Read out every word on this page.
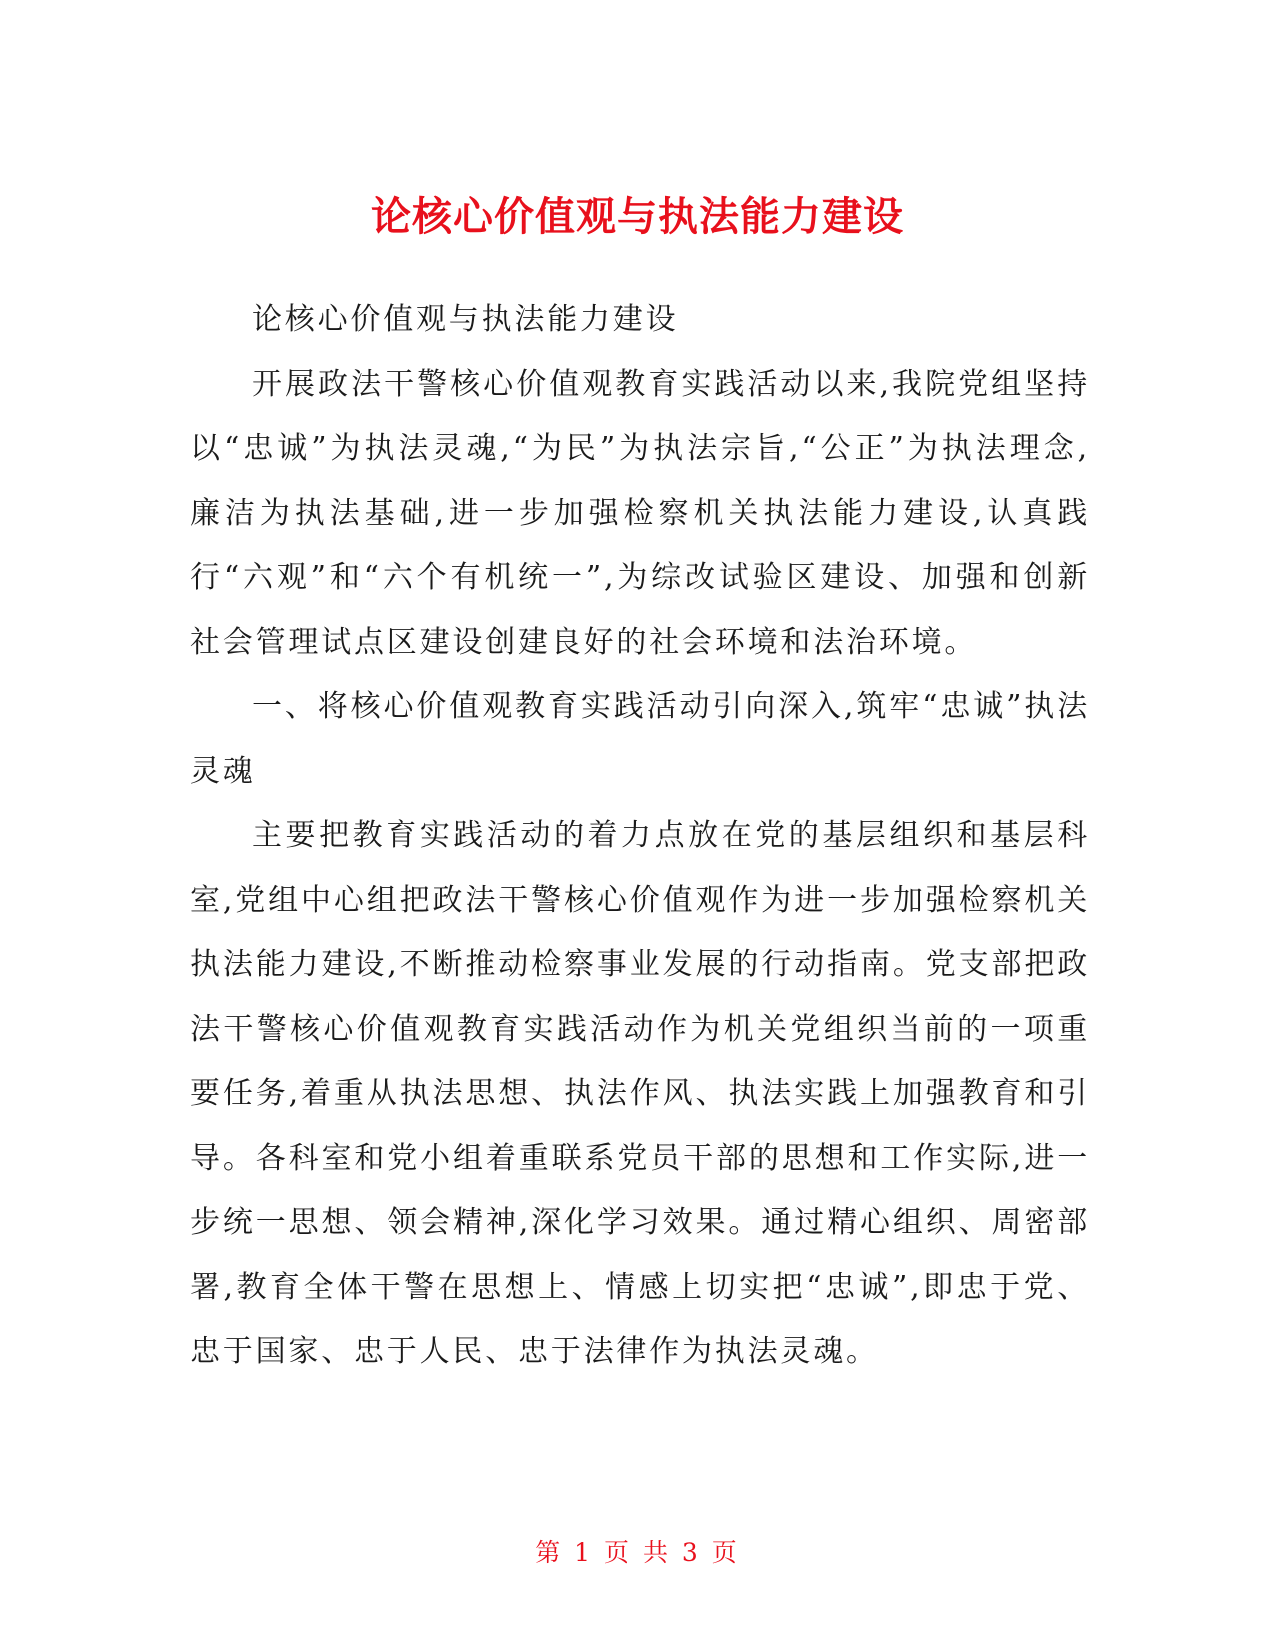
论核心价值观与执法能力建设

论核心价值观与执法能力建设

开展政法干警核心价值观教育实践活动以来,我院党组坚持以“忠诚”为执法灵魂,“为民”为执法宗旨,“公正”为执法理念,廉洁为执法基础,进一步加强检察机关执法能力建设,认真践行“六观”和“六个有机统一”,为综改试验区建设、加强和创新社会管理试点区建设创建良好的社会环境和法治环境。

一、将核心价值观教育实践活动引向深入,筑牢“忠诚”执法灵魂

主要把教育实践活动的着力点放在党的基层组织和基层科室,党组中心组把政法干警核心价值观作为进一步加强检察机关执法能力建设,不断推动检察事业发展的行动指南。党支部把政法干警核心价值观教育实践活动作为机关党组织当前的一项重要任务,着重从执法思想、执法作风、执法实践上加强教育和引导。各科室和党小组着重联系党员干部的思想和工作实际,进一步统一思想、领会精神,深化学习效果。通过精心组织、周密部署,教育全体干警在思想上、情感上切实把“忠诚”,即忠于党、忠于国家、忠于人民、忠于法律作为执法灵魂。

第 1 页 共 3 页
